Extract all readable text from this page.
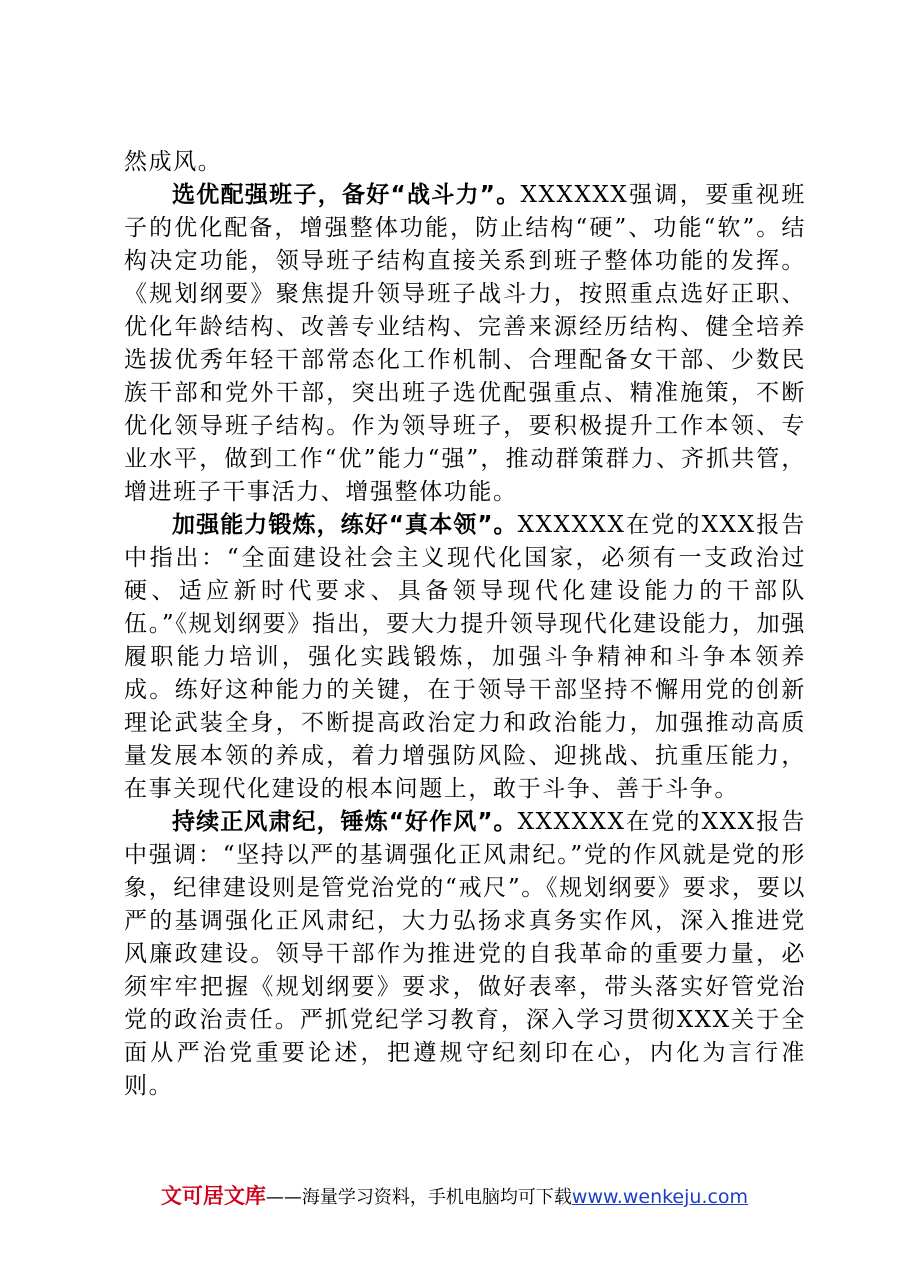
然成风。

选优配强班子，备好“战斗力”。XXXXXX强调，要重视班子的优化配备，增强整体功能，防止结构“硬”、功能“软”。结构决定功能，领导班子结构直接关系到班子整体功能的发挥。《规划纲要》聚焦提升领导班子战斗力，按照重点选好正职、优化年龄结构、改善专业结构、完善来源经历结构、健全培养选拔优秀年轻干部常态化工作机制、合理配备女干部、少数民族干部和党外干部，突出班子选优配强重点、精准施策，不断优化领导班子结构。作为领导班子，要积极提升工作本领、专业水平，做到工作“优”能力“强”，推动群策群力、齐抓共管，增进班子干事活力、增强整体功能。

加强能力锻炼，练好“真本领”。XXXXXX在党的XXX报告中指出：“全面建设社会主义现代化国家，必须有一支政治过硬、适应新时代要求、具备领导现代化建设能力的干部队伍。”《规划纲要》指出，要大力提升领导现代化建设能力，加强履职能力培训，强化实践锻炼，加强斗争精神和斗争本领养成。练好这种能力的关键，在于领导干部坚持不懈用党的创新理论武装全身，不断提高政治定力和政治能力，加强推动高质量发展本领的养成，着力增强防风险、迎挑战、抗重压能力，在事关现代化建设的根本问题上，敢于斗争、善于斗争。

持续正风肃纪，锤炼“好作风”。XXXXXX在党的XXX报告中强调：“坚持以严的基调强化正风肃纪。”党的作风就是党的形象，纪律建设则是管党治党的“戒尺”。《规划纲要》要求，要以严的基调强化正风肃纪，大力弘扬求真务实作风，深入推进党风廉政建设。领导干部作为推进党的自我革命的重要力量，必须牢牢把握《规划纲要》要求，做好表率，带头落实好管党治党的政治责任。严抓党纪学习教育，深入学习贯彻XXX关于全面从严治党重要论述，把遵规守纪刻印在心，内化为言行准则。

文可居文库——海量学习资料，手机电脑均可下载www.wenkeju.com
